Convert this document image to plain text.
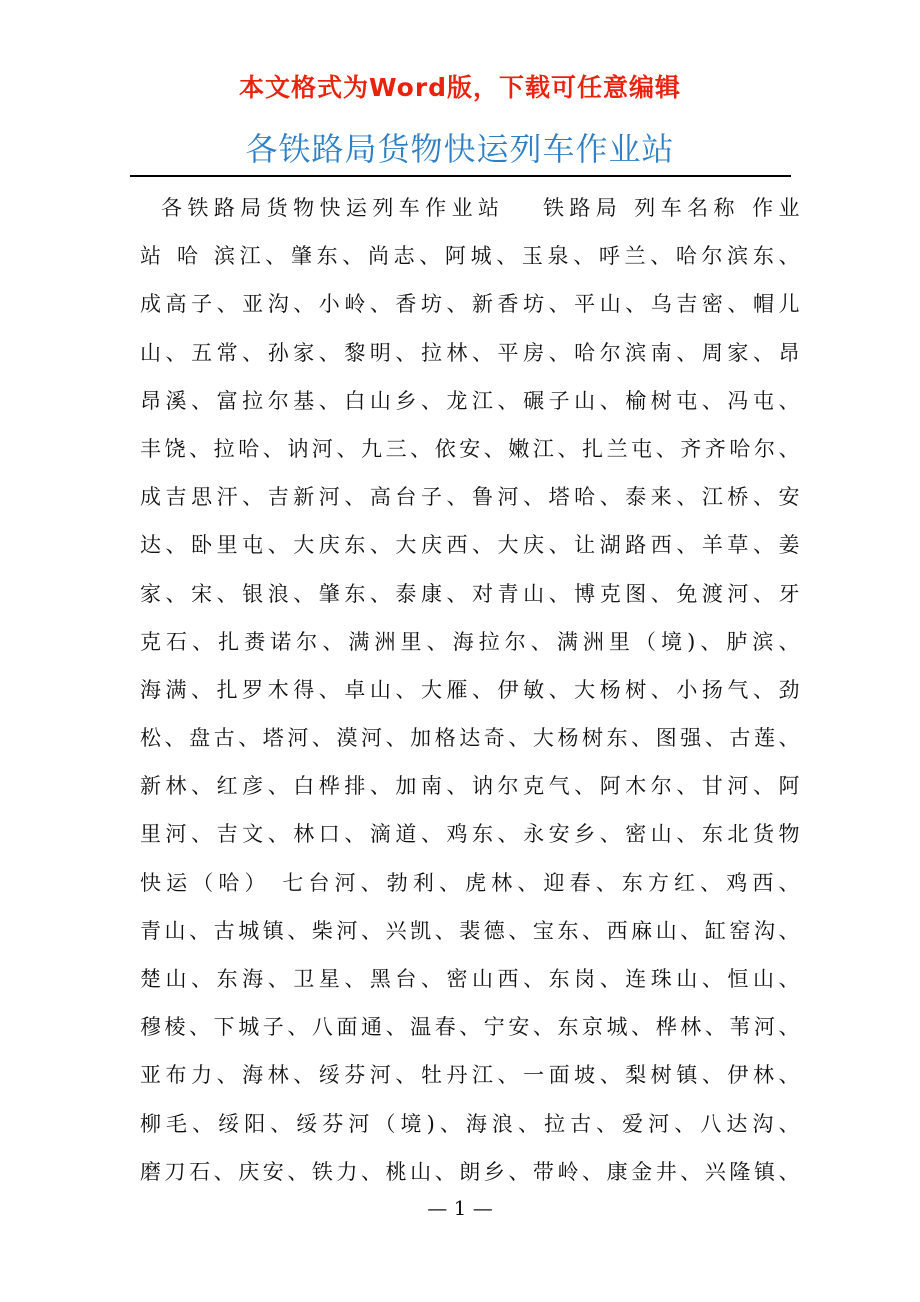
本文格式为Word版，下载可任意编辑
各铁路局货物快运列车作业站
各铁路局货物快运列车作业站　 铁路局 列车名称 作业
站 哈 滨江、肇东、尚志、阿城、玉泉、呼兰、哈尔滨东、
成高子、亚沟、小岭、香坊、新香坊、平山、乌吉密、帽儿
山、五常、孙家、黎明、拉林、平房、哈尔滨南、周家、昂
昂溪、富拉尔基、白山乡、龙江、碾子山、榆树屯、冯屯、
丰饶、拉哈、讷河、九三、依安、嫩江、扎兰屯、齐齐哈尔、
成吉思汗、吉新河、高台子、鲁河、塔哈、泰来、江桥、安
达、卧里屯、大庆东、大庆西、大庆、让湖路西、羊草、姜
家、宋、银浪、肇东、泰康、对青山、博克图、免渡河、牙
克石、扎赉诺尔、满洲里、海拉尔、满洲里（境)、胪滨、
海满、扎罗木得、卓山、大雁、伊敏、大杨树、小扬气、劲
松、盘古、塔河、漠河、加格达奇、大杨树东、图强、古莲、
新林、红彦、白桦排、加南、讷尔克气、阿木尔、甘河、阿
里河、吉文、林口、滴道、鸡东、永安乡、密山、东北货物
快运（哈） 七台河、勃利、虎林、迎春、东方红、鸡西、
青山、古城镇、柴河、兴凯、裴德、宝东、西麻山、缸窑沟、
楚山、东海、卫星、黑台、密山西、东岗、连珠山、恒山、
穆棱、下城子、八面通、温春、宁安、东京城、桦林、苇河、
亚布力、海林、绥芬河、牡丹江、一面坡、梨树镇、伊林、
柳毛、绥阳、绥芬河（境)、海浪、拉古、爱河、八达沟、
磨刀石、庆安、铁力、桃山、朗乡、带岭、康金井、兴隆镇、
— 1 —
